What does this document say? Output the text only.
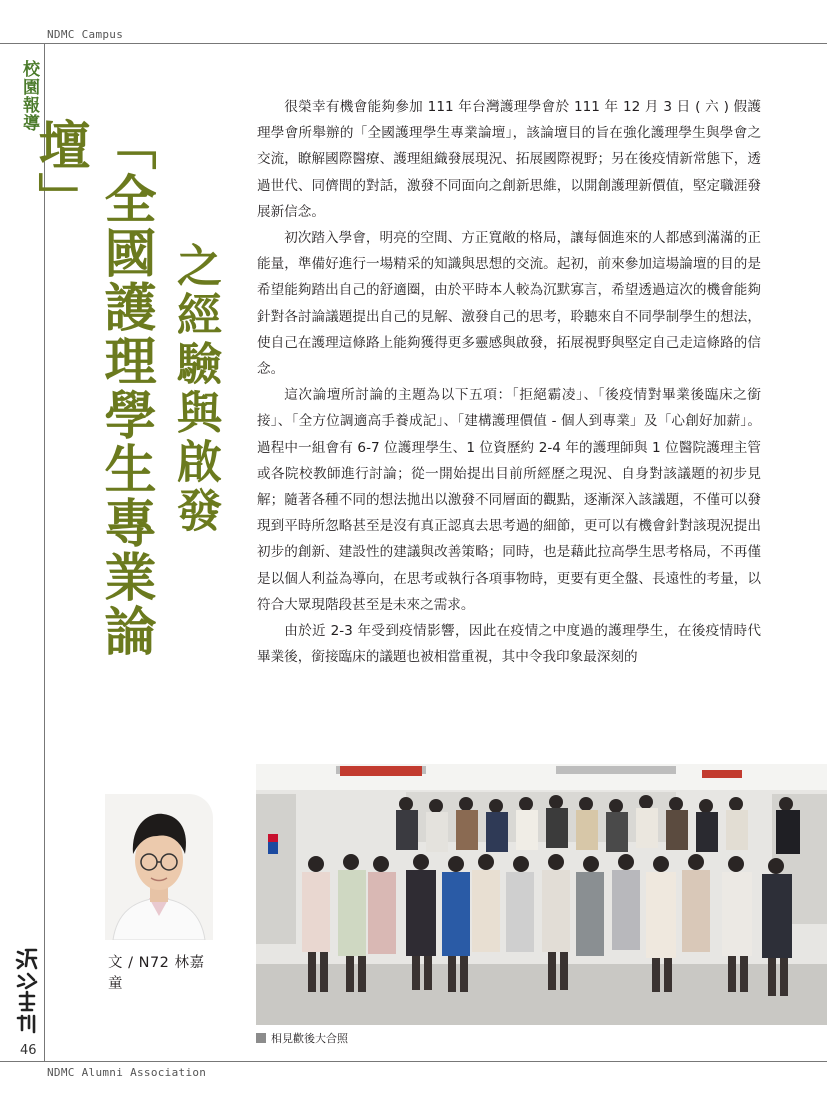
NDMC Campus
校園報導
「全國護理學生專業論壇」
之經驗與啟發

很榮幸有機會能夠參加 111 年台灣護理學會於 111 年 12 月 3 日 ( 六 ) 假護理學會所舉辦的「全國護理學生專業論壇」，該論壇目的旨在強化護理學生與學會之交流，瞭解國際醫療、護理組織發展現況、拓展國際視野；另在後疫情新常態下，透過世代、同儕間的對話，激發不同面向之創新思維，以開創護理新價值，堅定職涯發展新信念。

初次踏入學會，明亮的空間、方正寬敞的格局，讓每個進來的人都感到滿滿的正能量，準備好進行一場精采的知識與思想的交流。起初，前來參加這場論壇的目的是希望能夠踏出自己的舒適圈，由於平時本人較為沉默寡言，希望透過這次的機會能夠針對各討論議題提出自己的見解、激發自己的思考，聆聽來自不同學制學生的想法，使自己在護理這條路上能夠獲得更多靈感與啟發，拓展視野與堅定自己走這條路的信念。

這次論壇所討論的主題為以下五項：「拒絕霸凌」、「後疫情對畢業後臨床之銜接」、「全方位調適高手養成記」、「建構護理價值 - 個人到專業」及「心創好加薪」。過程中一組會有 6-7 位護理學生、1 位資歷約 2-4 年的護理師與 1 位醫院護理主管或各院校教師進行討論；從一開始提出目前所經歷之現況、自身對該議題的初步見解；隨著各種不同的想法拋出以激發不同層面的觀點，逐漸深入該議題，不僅可以發現到平時所忽略甚至是沒有真正認真去思考過的細節，更可以有機會針對該現況提出初步的創新、建設性的建議與改善策略；同時，也是藉此拉高學生思考格局，不再僅是以個人利益為導向，在思考或執行各項事物時，更要有更全盤、長遠性的考量，以符合大眾現階段甚至是未來之需求。

由於近 2-3 年受到疫情影響，因此在疫情之中度過的護理學生，在後疫情時代畢業後，銜接臨床的議題也被相當重視，其中令我印象最深刻的

文 / N72 林嘉童
46
相見歡後大合照
NDMC Alumni Association
